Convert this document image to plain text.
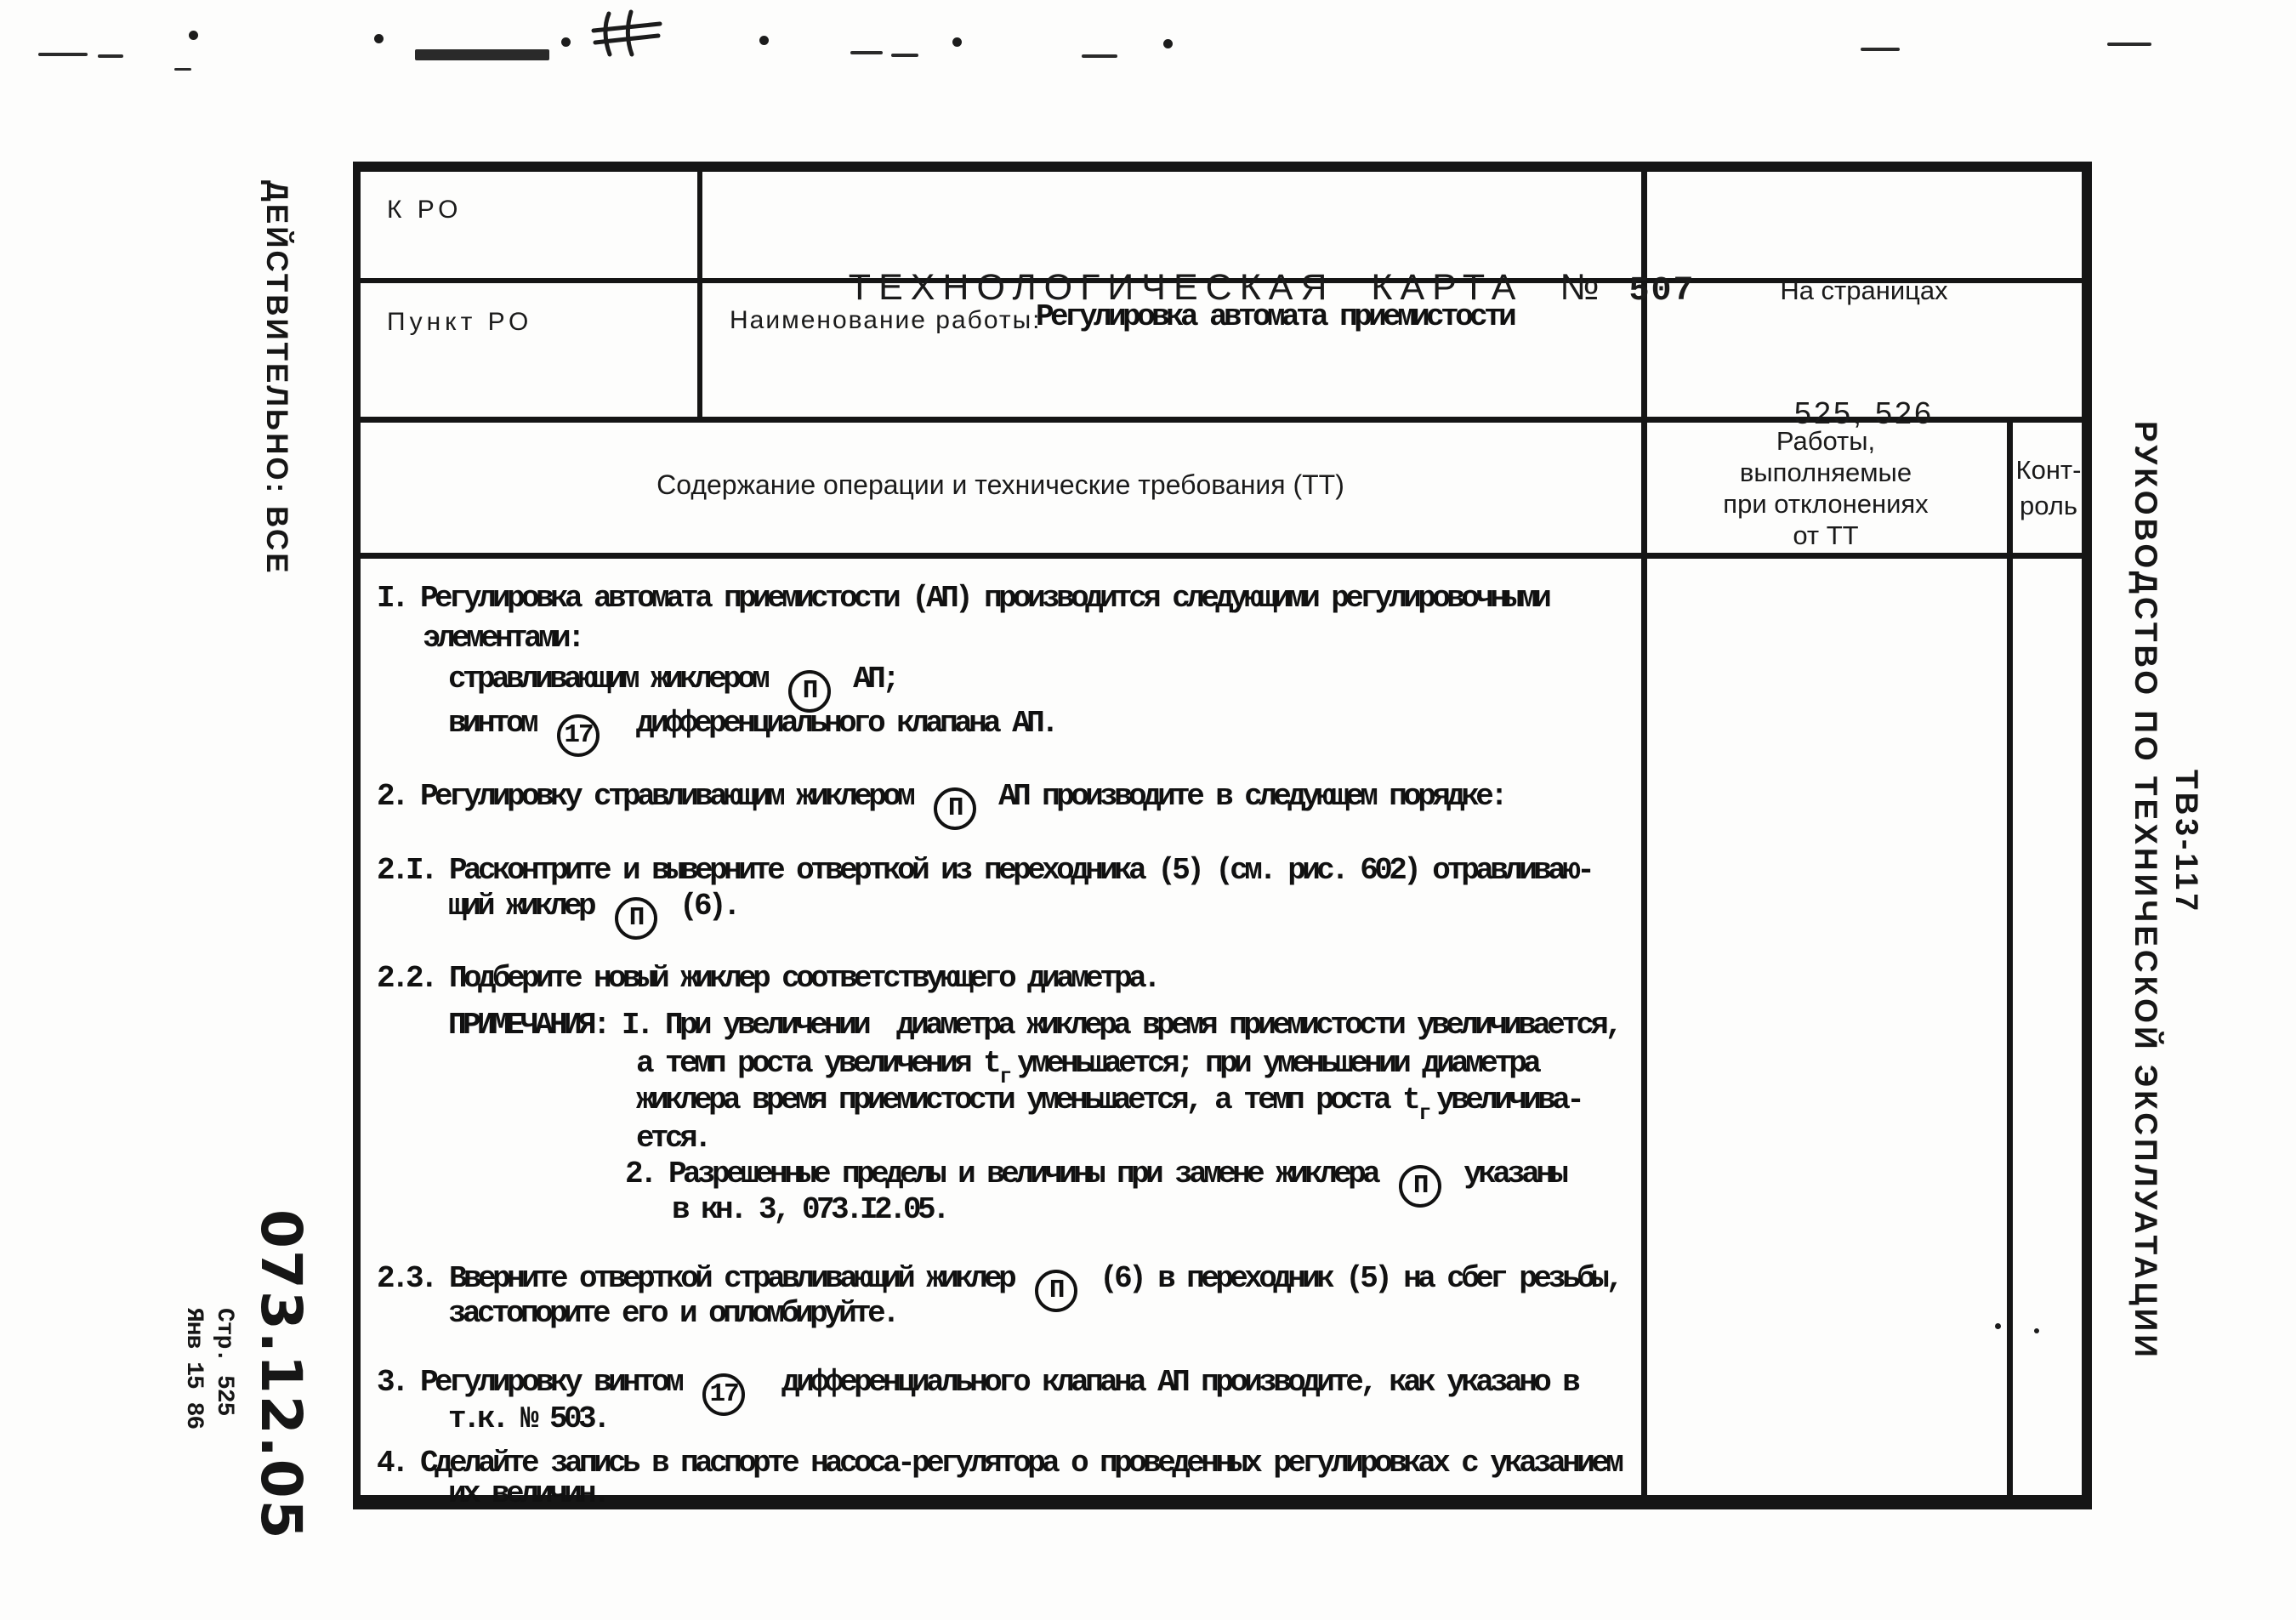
К РО

ТЕХНОЛОГИЧЕСКАЯ КАРТА № 507

	На страницах

525, 526

Пункт РО	Наименование работы:
Регулировка автомата приемистости
Содержание операции и технические требования (ТТ)
Работы,
выполняемые
при отклонениях
от ТТ
Конт-
роль
I. Регулировка автомата приемистости (АП) производится следующими регулировочными
элементами:
стравливающим жиклером П АП;
винтом 17  дифференциального клапана АП.
2. Регулировку стравливающим жиклером П АП производите в следующем порядке:
2.I. Расконтрите и выверните отверткой из переходника (5) (см. рис. 602) отравливаю-
щий жиклер П (6).
2.2. Подберите новый жиклер соответствующего диаметра.
ПРИМЕЧАНИЯ: I. При увеличении  диаметра жиклера время приемистости увеличивается,
а темп роста увеличения $t_г$ уменьшается; при уменьшении диаметра
жиклера время приемистости уменьшается, а темп роста $t_г$ увеличива-
ется.
2. Разрешенные пределы и величины при замене жиклера П указаны
в кн. 3, 073.I2.05.
2.3. Вверните отверткой стравливающий жиклер П (6) в переходник (5) на сбег резьбы,
застопорите его и опломбируйте.
3. Регулировку винтом 17  дифференциального клапана АП производите, как указано в
т.к. № 503.
4. Сделайте запись в паспорте насоса-регулятора о проведенных регулировках с указанием
их величин.
ДЕЙСТВИТЕЛЬНО: ВСЕ
073.12.05
Стр. 525
Янв 15 86
РУКОВОДСТВО ПО ТЕХНИЧЕСКОЙ ЭКСПЛУАТАЦИИ ТВ3-117
